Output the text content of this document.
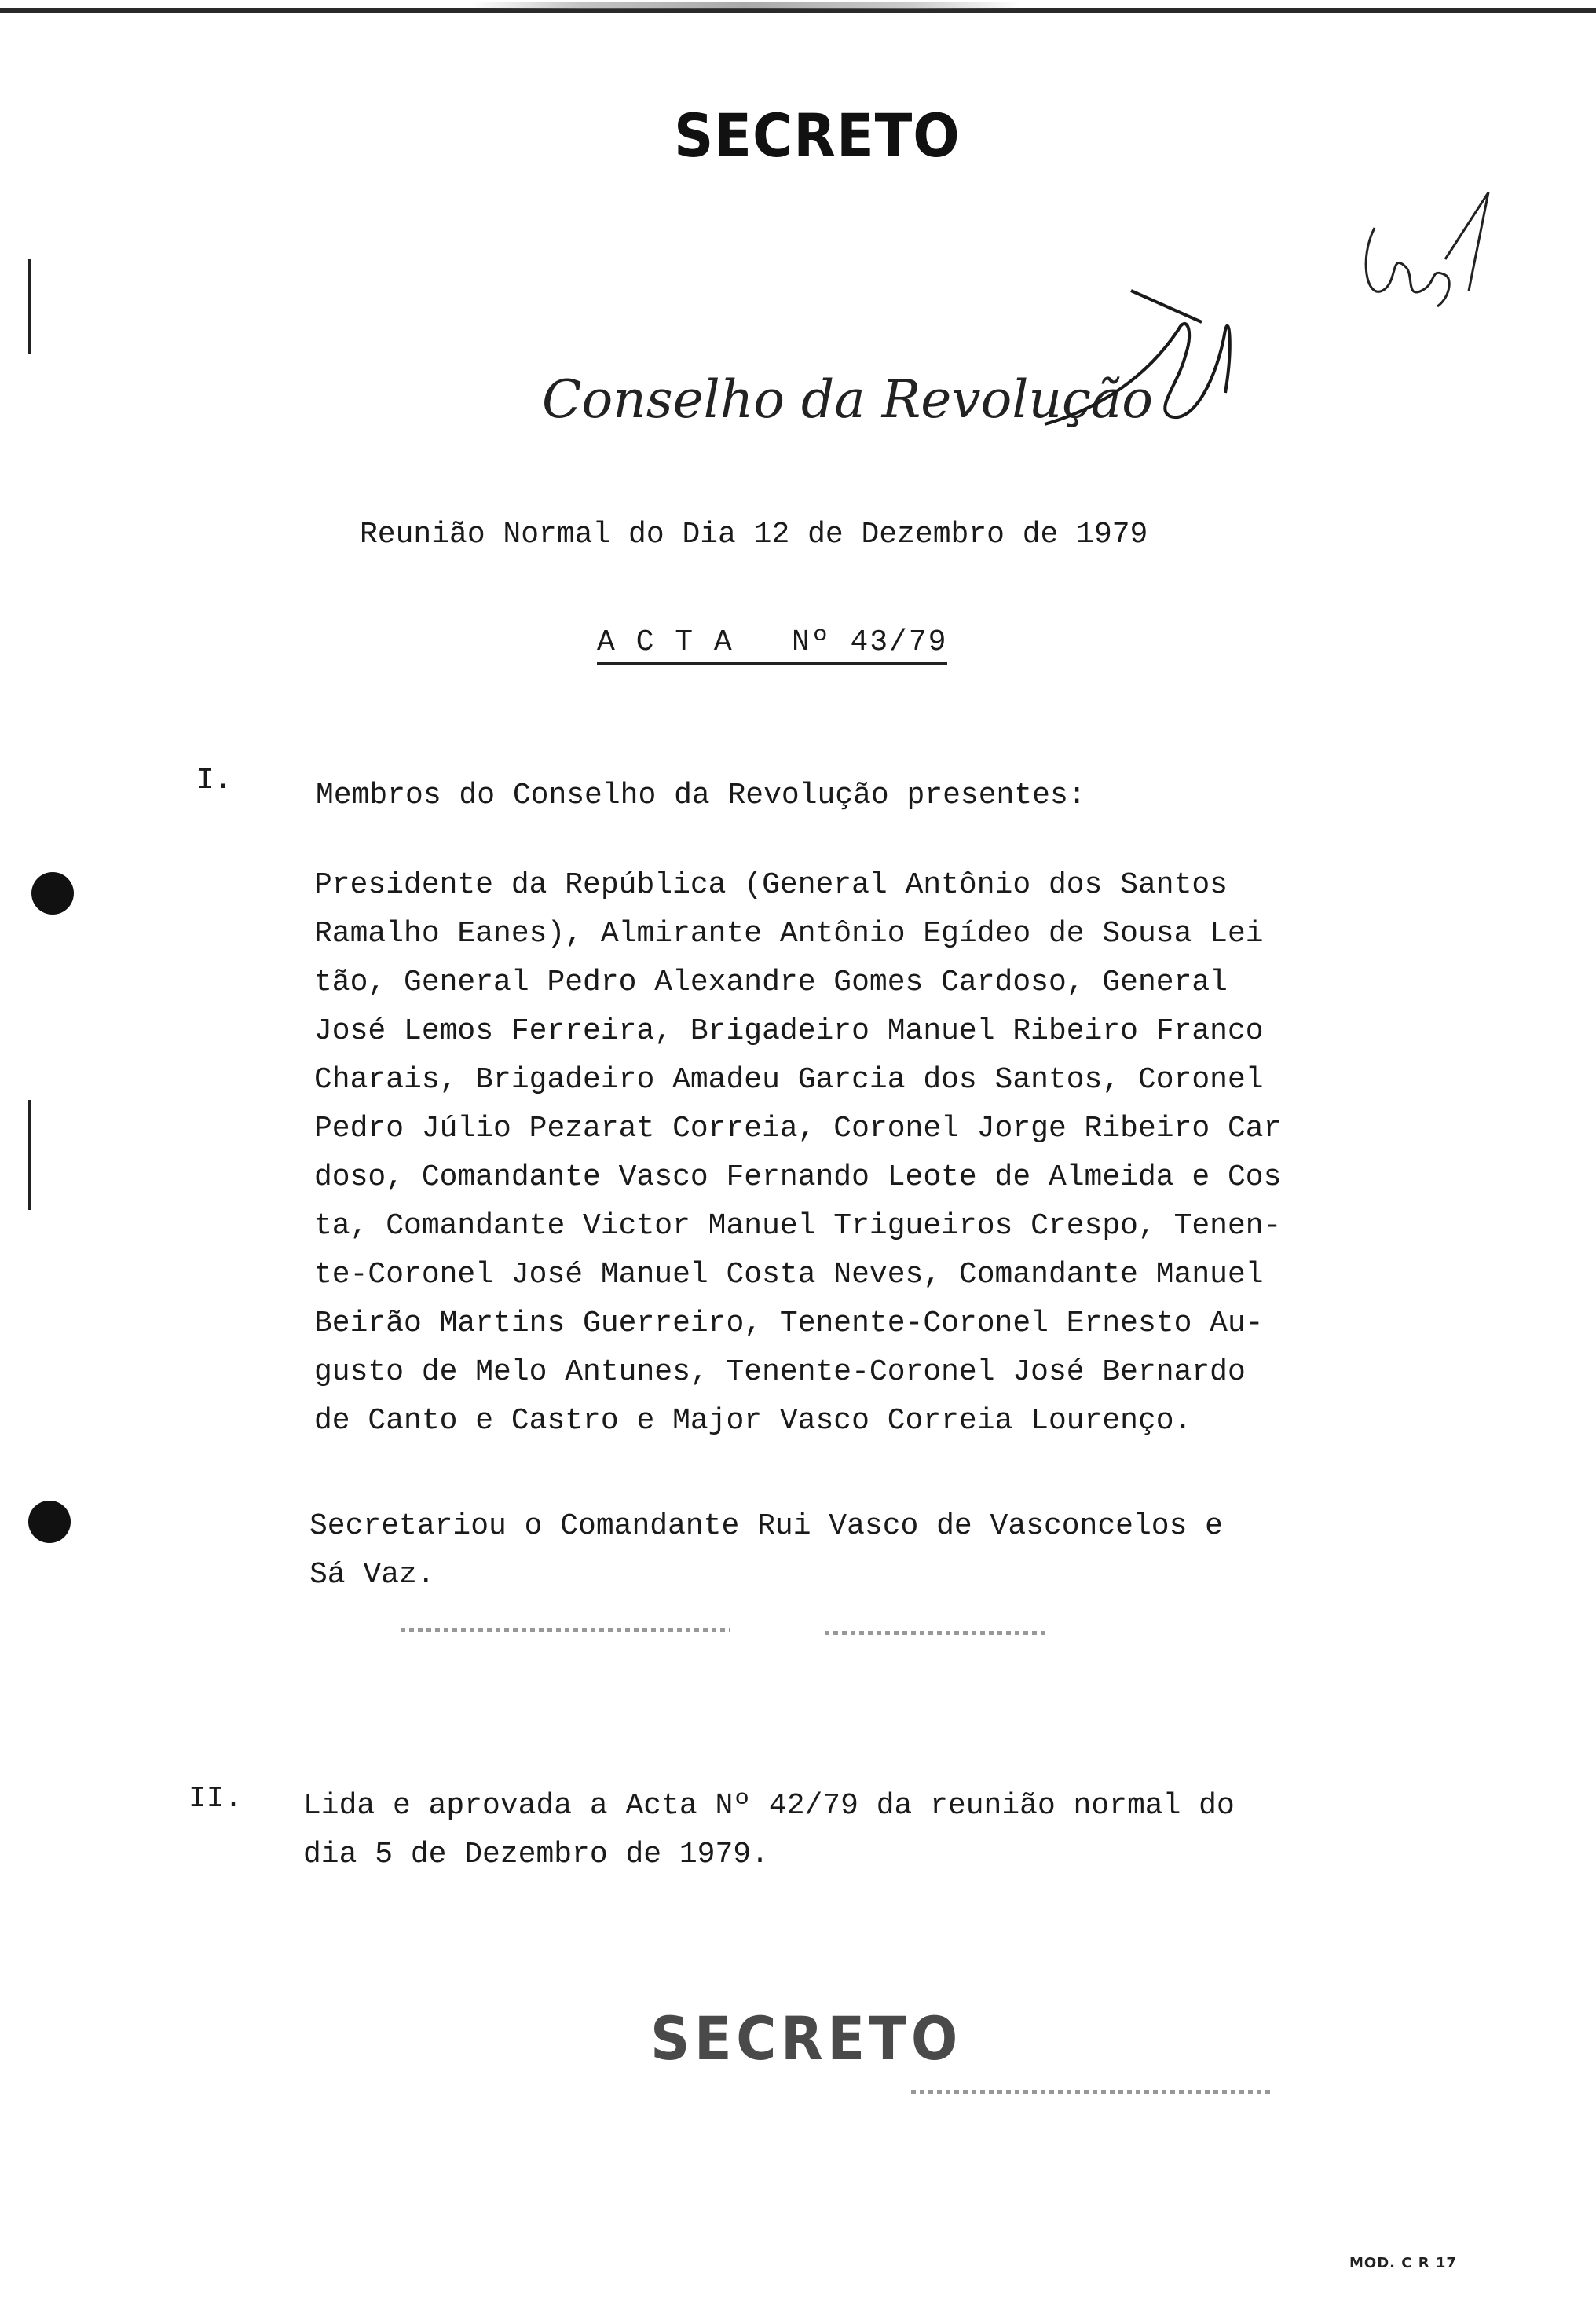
SECRETO
Conselho da Revolução
Reunião Normal do Dia 12 de Dezembro de 1979
A C T A   Nº 43/79
I.	Membros do Conselho da Revolução presentes:
Presidente da República (General Antônio dos Santos
Ramalho Eanes), Almirante Antônio Egídeo de Sousa Lei
tão, General Pedro Alexandre Gomes Cardoso, General
José Lemos Ferreira, Brigadeiro Manuel Ribeiro Franco
Charais, Brigadeiro Amadeu Garcia dos Santos, Coronel
Pedro Júlio Pezarat Correia, Coronel Jorge Ribeiro Car
doso, Comandante Vasco Fernando Leote de Almeida e Cos
ta, Comandante Victor Manuel Trigueiros Crespo, Tenen-
te-Coronel José Manuel Costa Neves, Comandante Manuel
Beirão Martins Guerreiro, Tenente-Coronel Ernesto Au-
gusto de Melo Antunes, Tenente-Coronel José Bernardo
de Canto e Castro e Major Vasco Correia Lourenço.
Secretariou o Comandante Rui Vasco de Vasconcelos e
Sá Vaz.
II. Lida e aprovada a Acta Nº 42/79 da reunião normal do
dia 5 de Dezembro de 1979.
SECRETO
MOD. C R 17
